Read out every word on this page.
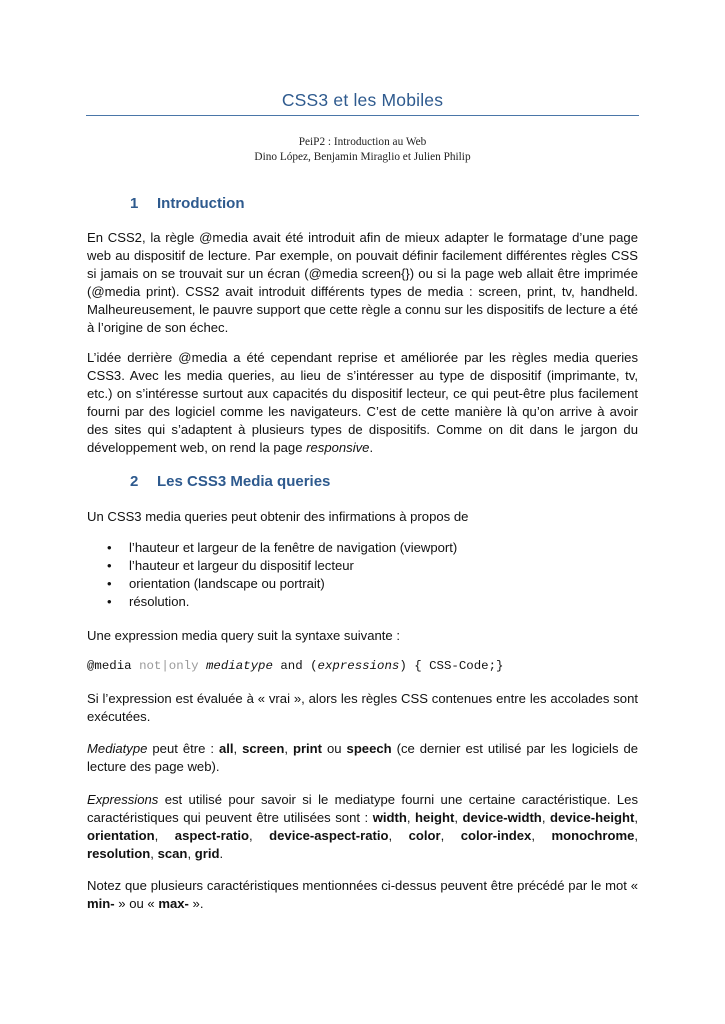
CSS3 et les Mobiles
PeiP2 : Introduction au Web
Dino López, Benjamin Miraglio et Julien Philip
1 Introduction

En CSS2, la règle @media avait été introduit afin de mieux adapter le formatage d’une page web au dispositif de lecture. Par exemple, on pouvait définir facilement différentes règles CSS si jamais on se trouvait sur un écran (@media screen{}) ou si la page web allait être imprimée (@media print). CSS2 avait introduit différents types de media : screen, print, tv, handheld. Malheureusement, le pauvre support que cette règle a connu sur les dispositifs de lecture a été à l’origine de son échec.

L’idée derrière @media a été cependant reprise et améliorée par les règles media queries CSS3. Avec les media queries, au lieu de s’intéresser au type de dispositif (imprimante, tv, etc.) on s’intéresse surtout aux capacités du dispositif lecteur, ce qui peut-être plus facilement fourni par des logiciel comme les navigateurs. C’est de cette manière là qu’on arrive à avoir des sites qui s’adaptent à plusieurs types de dispositifs. Comme on dit dans le jargon du développement web, on rend la page responsive.

2 Les CSS3 Media queries

Un CSS3 media queries peut obtenir des infirmations à propos de

• l’hauteur et largeur de la fenêtre de navigation (viewport)
• l’hauteur et largeur du dispositif lecteur
• orientation (landscape ou portrait)
• résolution.

Une expression media query suit la syntaxe suivante :

@media not|only mediatype and (expressions) { CSS-Code;}

Si l’expression est évaluée à « vrai », alors les règles CSS contenues entre les accolades sont exécutées.

Mediatype peut être : all, screen, print ou speech (ce dernier est utilisé par les logiciels de lecture des page web).

Expressions est utilisé pour savoir si le mediatype fourni une certaine caractéristique. Les caractéristiques qui peuvent être utilisées sont : width, height, device-width, device-height, orientation, aspect-ratio, device-aspect-ratio, color, color-index, monochrome, resolution, scan, grid.

Notez que plusieurs caractéristiques mentionnées ci-dessus peuvent être précédé par le mot « min- » ou « max- ».
